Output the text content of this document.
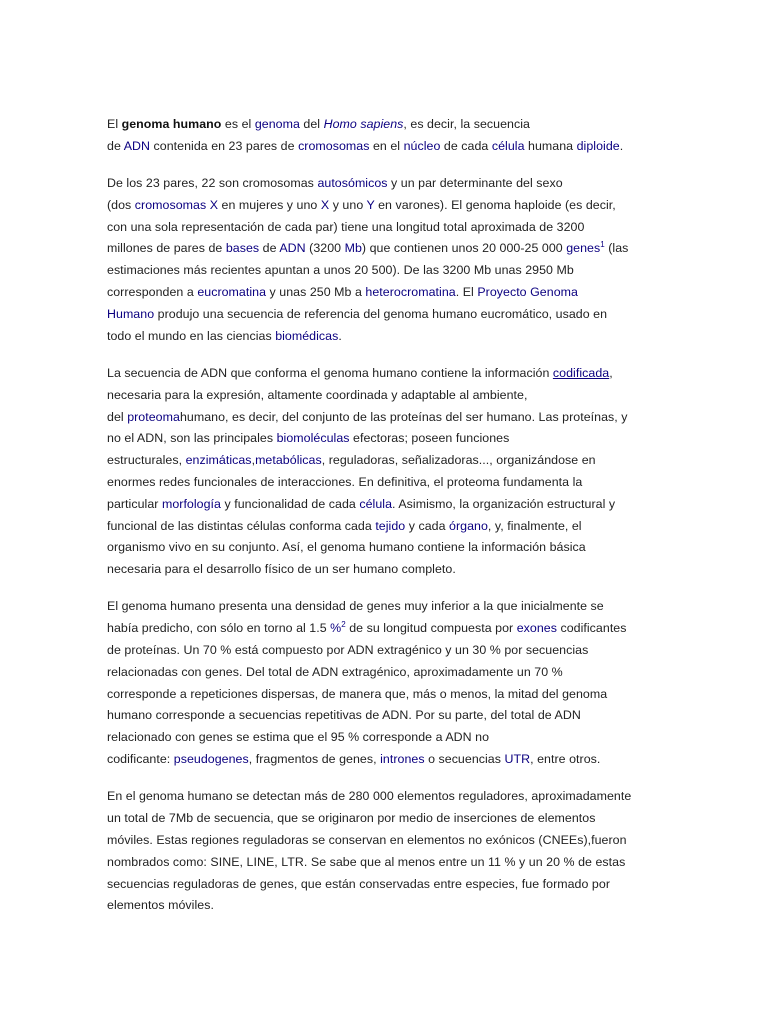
El genoma humano es el genoma del Homo sapiens, es decir, la secuencia
de ADN contenida en 23 pares de cromosomas en el núcleo de cada célula humana diploide.

De los 23 pares, 22 son cromosomas autosómicos y un par determinante del sexo
(dos cromosomas X en mujeres y uno X y uno Y en varones). El genoma haploide (es decir,
con una sola representación de cada par) tiene una longitud total aproximada de 3200
millones de pares de bases de ADN (3200 Mb) que contienen unos 20 000-25 000 genes$^1$ (las
estimaciones más recientes apuntan a unos 20 500). De las 3200 Mb unas 2950 Mb
corresponden a eucromatina y unas 250 Mb a heterocromatina. El Proyecto Genoma
Humano produjo una secuencia de referencia del genoma humano eucromático, usado en
todo el mundo en las ciencias biomédicas.

La secuencia de ADN que conforma el genoma humano contiene la información codificada,
necesaria para la expresión, altamente coordinada y adaptable al ambiente,
del proteomahumano, es decir, del conjunto de las proteínas del ser humano. Las proteínas, y
no el ADN, son las principales biomoléculas efectoras; poseen funciones
estructurales, enzimáticas,metabólicas, reguladoras, señalizadoras..., organizándose en
enormes redes funcionales de interacciones. En definitiva, el proteoma fundamenta la
particular morfología y funcionalidad de cada célula. Asimismo, la organización estructural y
funcional de las distintas células conforma cada tejido y cada órgano, y, finalmente, el
organismo vivo en su conjunto. Así, el genoma humano contiene la información básica
necesaria para el desarrollo físico de un ser humano completo.

El genoma humano presenta una densidad de genes muy inferior a la que inicialmente se
había predicho, con sólo en torno al 1.5 %$^2$ de su longitud compuesta por exones codificantes
de proteínas. Un 70 % está compuesto por ADN extragénico y un 30 % por secuencias
relacionadas con genes. Del total de ADN extragénico, aproximadamente un 70 %
corresponde a repeticiones dispersas, de manera que, más o menos, la mitad del genoma
humano corresponde a secuencias repetitivas de ADN. Por su parte, del total de ADN
relacionado con genes se estima que el 95 % corresponde a ADN no
codificante: pseudogenes, fragmentos de genes, intrones o secuencias UTR, entre otros.

En el genoma humano se detectan más de 280 000 elementos reguladores, aproximadamente
un total de 7Mb de secuencia, que se originaron por medio de inserciones de elementos
móviles. Estas regiones reguladoras se conservan en elementos no exónicos (CNEEs),fueron
nombrados como: SINE, LINE, LTR. Se sabe que al menos entre un 11 % y un 20 % de estas
secuencias reguladoras de genes, que están conservadas entre especies, fue formado por
elementos móviles.
